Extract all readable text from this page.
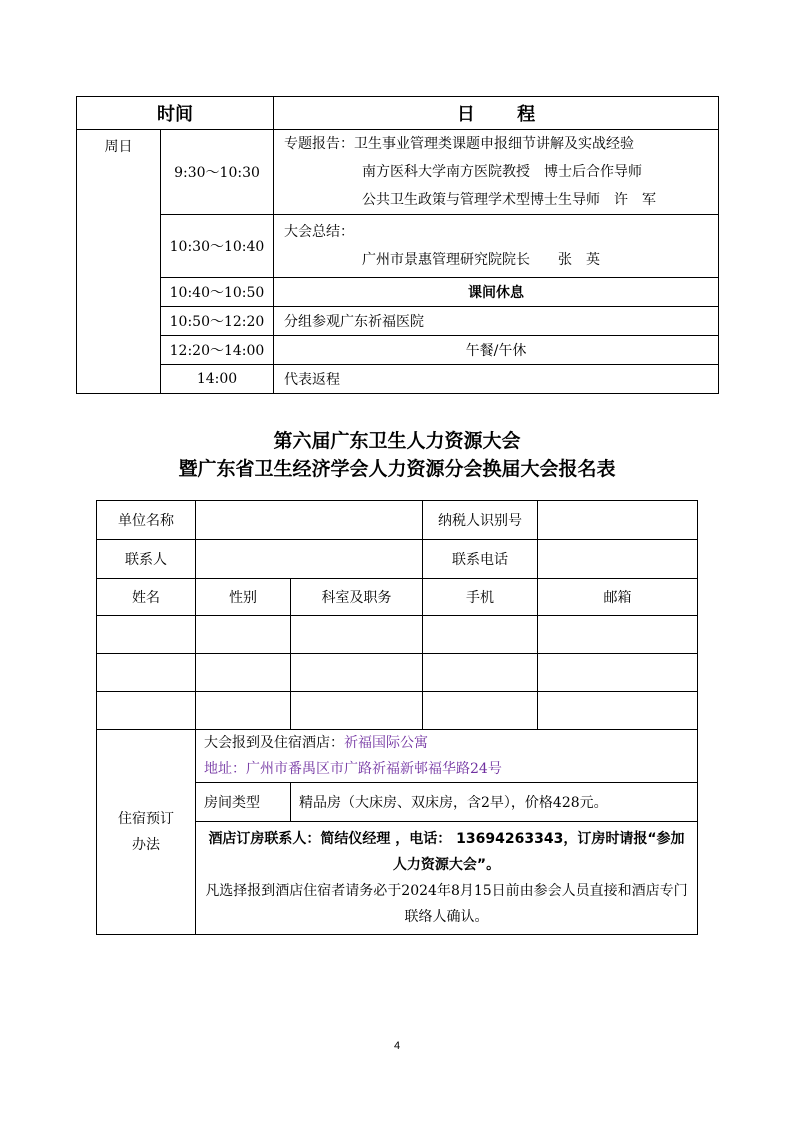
时间		日 程
周日	9:30～10:30	专题报告：卫生事业管理类课题申报细节讲解及实战经验
南方医科大学南方医院教授　博士后合作导师
公共卫生政策与管理学术型博士生导师　许　军

	10:30～10:40	大会总结：
广州市景惠管理研究院院长　　张　英

	10:40～10:50	课间休息
	10:50～12:20	分组参观广东祈福医院
	12:20～14:00	午餐/午休
	14:00	代表返程
第六届广东卫生人力资源大会
暨广东省卫生经济学会人力资源分会换届大会报名表
单位名称			纳税人识别号	
联系人			联系电话	
姓名	性别	科室及职务	手机	邮箱

住宿预订办法	大会报到及住宿酒店：祈福国际公寓
地址：广州市番禺区市广路祈福新邨福华路24号			

	房间类型	精品房（大床房、双床房，含2早），价格428元。		

	酒店订房联系人：简结仪经理 ，电话： 13694263343，订房时请报“参加人力资源大会”。
凡选择报到酒店住宿者请务必于2024年8月15日前由参会人员直接和酒店专门联络人确认。			
4
